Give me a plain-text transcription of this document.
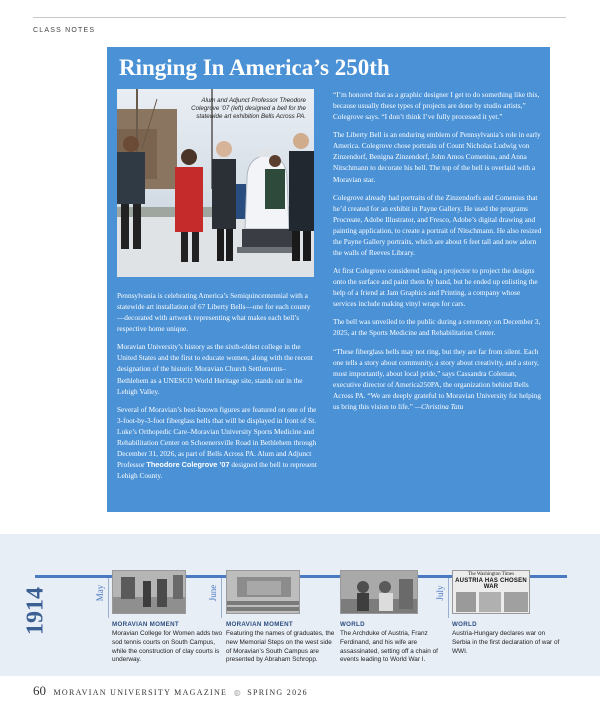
CLASS NOTES
Ringing In America’s 250th
Alum and Adjunct Professor Theodore Colegrove ’07 (left) designed a bell for the statewide art exhibition Bells Across PA.

Pennsylvania is celebrating America’s Semiquincentennial with a statewide art installation of 67 Liberty Bells—one for each county—decorated with artwork representing what makes each bell’s respective home unique.

Moravian University’s history as the sixth-oldest college in the United States and the first to educate women, along with the recent designation of the historic Moravian Church Settlements–Bethlehem as a UNESCO World Heritage site, stands out in the Lehigh Valley.

Several of Moravian’s best-known figures are featured on one of the 3-foot-by-3-foot fiberglass bells that will be displayed in front of St. Luke’s Orthopedic Care–Moravian University Sports Medicine and Rehabilitation Center on Schoenersville Road in Bethlehem through December 31, 2026, as part of Bells Across PA. Alum and Adjunct Professor Theodore Colegrove ’07 designed the bell to represent Lehigh County.

“I’m honored that as a graphic designer I get to do something like this, because usually these types of projects are done by studio artists,” Colegrove says. “I don’t think I’ve fully processed it yet.”

The Liberty Bell is an enduring emblem of Pennsylvania’s role in early America. Colegrove chose portraits of Count Nicholas Ludwig von Zinzendorf, Benigna Zinzendorf, John Amos Comenius, and Anna Nitschmann to decorate his bell. The top of the bell is overlaid with a Moravian star.

Colegrove already had portraits of the Zinzendorfs and Comenius that he’d created for an exhibit in Payne Gallery. He used the programs Procreate, Adobe Illustrator, and Fresco, Adobe’s digital drawing and painting application, to create a portrait of Nitschmann. He also resized the Payne Gallery portraits, which are about 6 feet tall and now adorn the walls of Reeves Library.

At first Colegrove considered using a projector to project the designs onto the surface and paint them by hand, but he ended up enlisting the help of a friend at Jam Graphics and Printing, a company whose services include making vinyl wraps for cars.

The bell was unveiled to the public during a ceremony on December 3, 2025, at the Sports Medicine and Rehabilitation Center.

“These fiberglass bells may not ring, but they are far from silent. Each one tells a story about community, a story about creativity, and a story, most importantly, about local pride,” says Cassandra Coleman, executive director of America250PA, the organization behind Bells Across PA. “We are deeply grateful to Moravian University for helping us bring this vision to life.” —Christina Tatu

1914	May	June	July
The Washington Times
AUSTRIA HAS CHOSEN WAR
MORAVIAN MOMENT
Moravian College for Women adds two sod tennis courts on South Campus, while the construction of clay courts is underway.
MORAVIAN MOMENT
Featuring the names of graduates, the new Memorial Steps on the west side of Moravian’s South Campus are presented by Abraham Schropp.
WORLD
The Archduke of Austria, Franz Ferdinand, and his wife are assassinated, setting off a chain of events leading to World War I.
WORLD
Austria-Hungary declares war on Serbia in the first declaration of war of WWI.
60 MORAVIAN UNIVERSITY MAGAZINE ◍ SPRING 2026
